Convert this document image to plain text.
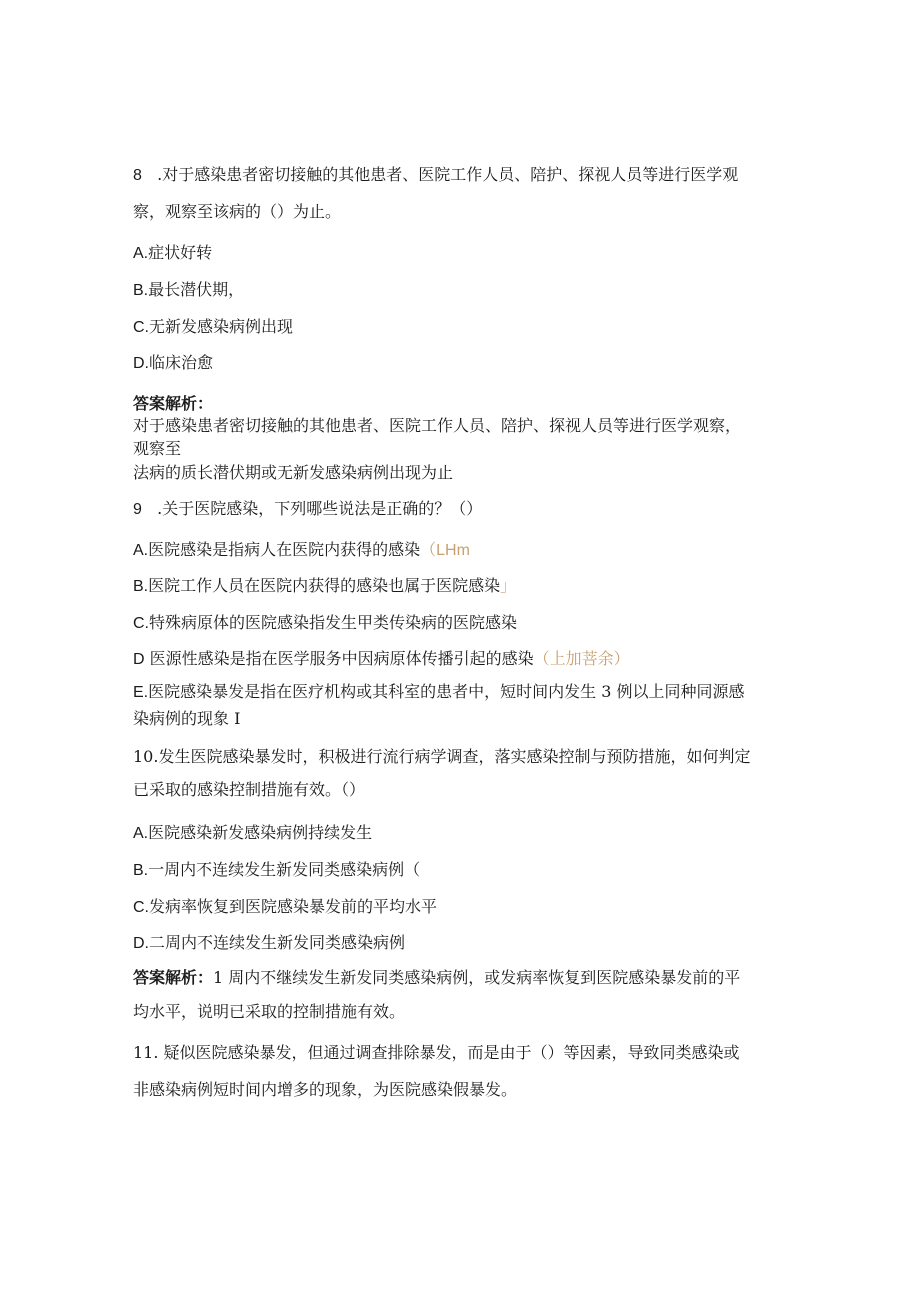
8 .对于感染患者密切接触的其他患者、医院工作人员、陪护、探视人员等进行医学观
察，观察至该病的（）为止。
A.症状好转
B.最长潜伏期，
C.无新发感染病例出现
D.临床治愈
答案解析：
对于感染患者密切接触的其他患者、医院工作人员、陪护、探视人员等进行医学观察，
观察至
法病的质长潜伏期或无新发感染病例出现为止
9 .关于医院感染，下列哪些说法是正确的？（）
A.医院感染是指病人在医院内获得的感染（LHm
B.医院工作人员在医院内获得的感染也属于医院感染」
C.特殊病原体的医院感染指发生甲类传染病的医院感染
D 医源性感染是指在医学服务中因病原体传播引起的感染（上加菩余）
E.医院感染暴发是指在医疗机构或其科室的患者中，短时间内发生 3 例以上同种同源感
染病例的现象 I
10.发生医院感染暴发时，积极进行流行病学调查，落实感染控制与预防措施，如何判定
已采取的感染控制措施有效。（）
A.医院感染新发感染病例持续发生
B.一周内不连续发生新发同类感染病例（
C.发病率恢复到医院感染暴发前的平均水平
D.二周内不连续发生新发同类感染病例
答案解析：1 周内不继续发生新发同类感染病例，或发病率恢复到医院感染暴发前的平
均水平，说明已采取的控制措施有效。
11. 疑似医院感染暴发，但通过调查排除暴发，而是由于（）等因素，导致同类感染或
非感染病例短时间内增多的现象，为医院感染假暴发。
